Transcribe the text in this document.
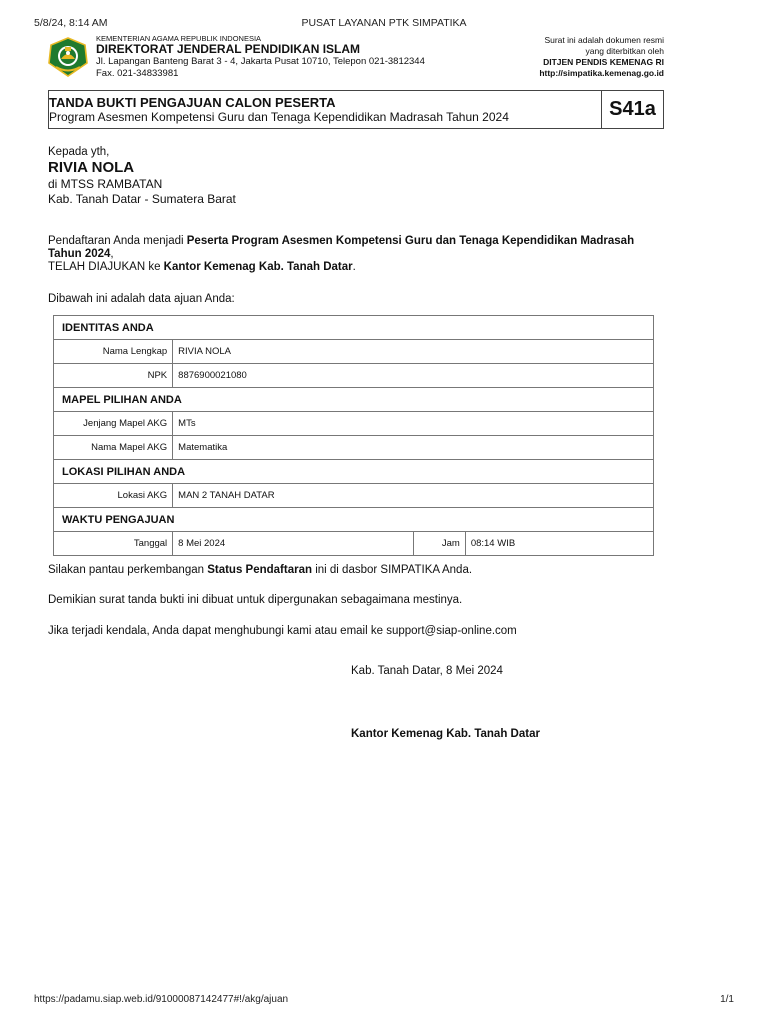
5/8/24, 8:14 AM	PUSAT LAYANAN PTK SIMPATIKA
KEMENTERIAN AGAMA REPUBLIK INDONESIA
DIREKTORAT JENDERAL PENDIDIKAN ISLAM
Jl. Lapangan Banteng Barat 3 - 4, Jakarta Pusat 10710, Telepon 021-3812344
Fax. 021-34833981
Surat ini adalah dokumen resmi
yang diterbitkan oleh
DITJEN PENDIS KEMENAG RI
http://simpatika.kemenag.go.id
TANDA BUKTI PENGAJUAN CALON PESERTA
Program Asesmen Kompetensi Guru dan Tenaga Kependidikan Madrasah Tahun 2024	S41a
Kepada yth,
RIVIA NOLA
di MTSS RAMBATAN
Kab. Tanah Datar - Sumatera Barat
Pendaftaran Anda menjadi Peserta Program Asesmen Kompetensi Guru dan Tenaga Kependidikan Madrasah Tahun 2024,
TELAH DIAJUKAN ke Kantor Kemenag Kab. Tanah Datar.
Dibawah ini adalah data ajuan Anda:
IDENTITAS ANDA			
Nama Lengkap	RIVIA NOLA		
NPK	8876900021080		
MAPEL PILIHAN ANDA			
Jenjang Mapel AKG	MTs		
Nama Mapel AKG	Matematika		
LOKASI PILIHAN ANDA			
Lokasi AKG	MAN 2 TANAH DATAR		
WAKTU PENGAJUAN			
Tanggal	8 Mei 2024	Jam	08:14 WIB
Silakan pantau perkembangan Status Pendaftaran ini di dasbor SIMPATIKA Anda.
Demikian surat tanda bukti ini dibuat untuk dipergunakan sebagaimana mestinya.
Jika terjadi kendala, Anda dapat menghubungi kami atau email ke support@siap-online.com
Kab. Tanah Datar, 8 Mei 2024
Kantor Kemenag Kab. Tanah Datar
https://padamu.siap.web.id/91000087142477#!/akg/ajuan	1/1
